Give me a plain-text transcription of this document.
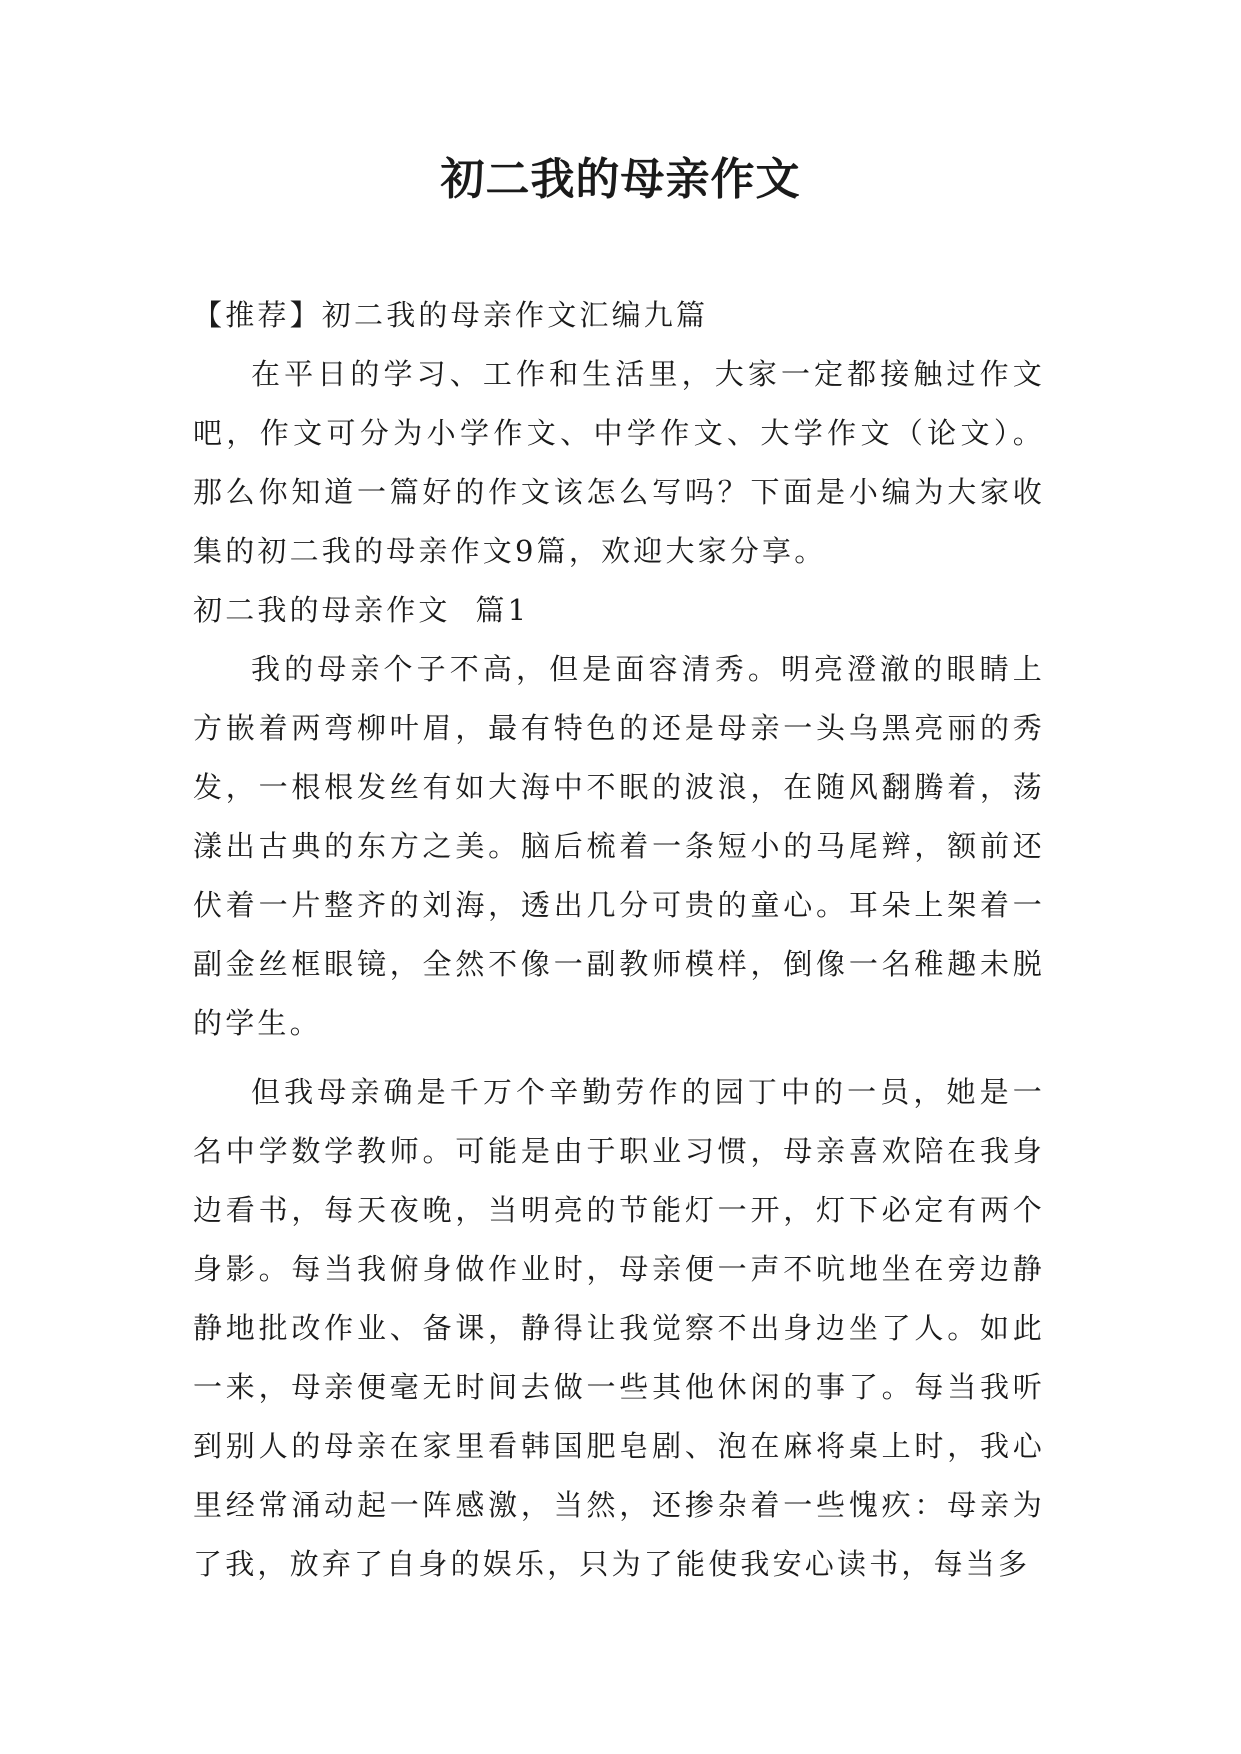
初二我的母亲作文

【推荐】初二我的母亲作文汇编九篇

在平日的学习、工作和生活里，大家一定都接触过作文吧，作文可分为小学作文、中学作文、大学作文（论文）。那么你知道一篇好的作文该怎么写吗？下面是小编为大家收集的初二我的母亲作文9篇，欢迎大家分享。

初二我的母亲作文  篇1

我的母亲个子不高，但是面容清秀。明亮澄澈的眼睛上方嵌着两弯柳叶眉，最有特色的还是母亲一头乌黑亮丽的秀发，一根根发丝有如大海中不眠的波浪，在随风翻腾着，荡漾出古典的东方之美。脑后梳着一条短小的马尾辫，额前还伏着一片整齐的刘海，透出几分可贵的童心。耳朵上架着一副金丝框眼镜，全然不像一副教师模样，倒像一名稚趣未脱的学生。

但我母亲确是千万个辛勤劳作的园丁中的一员，她是一名中学数学教师。可能是由于职业习惯，母亲喜欢陪在我身边看书，每天夜晚，当明亮的节能灯一开，灯下必定有两个身影。每当我俯身做作业时，母亲便一声不吭地坐在旁边静静地批改作业、备课，静得让我觉察不出身边坐了人。如此一来，母亲便毫无时间去做一些其他休闲的事了。每当我听到别人的母亲在家里看韩国肥皂剧、泡在麻将桌上时，我心里经常涌动起一阵感激，当然，还掺杂着一些愧疚：母亲为了我，放弃了自身的娱乐，只为了能使我安心读书，每当多
